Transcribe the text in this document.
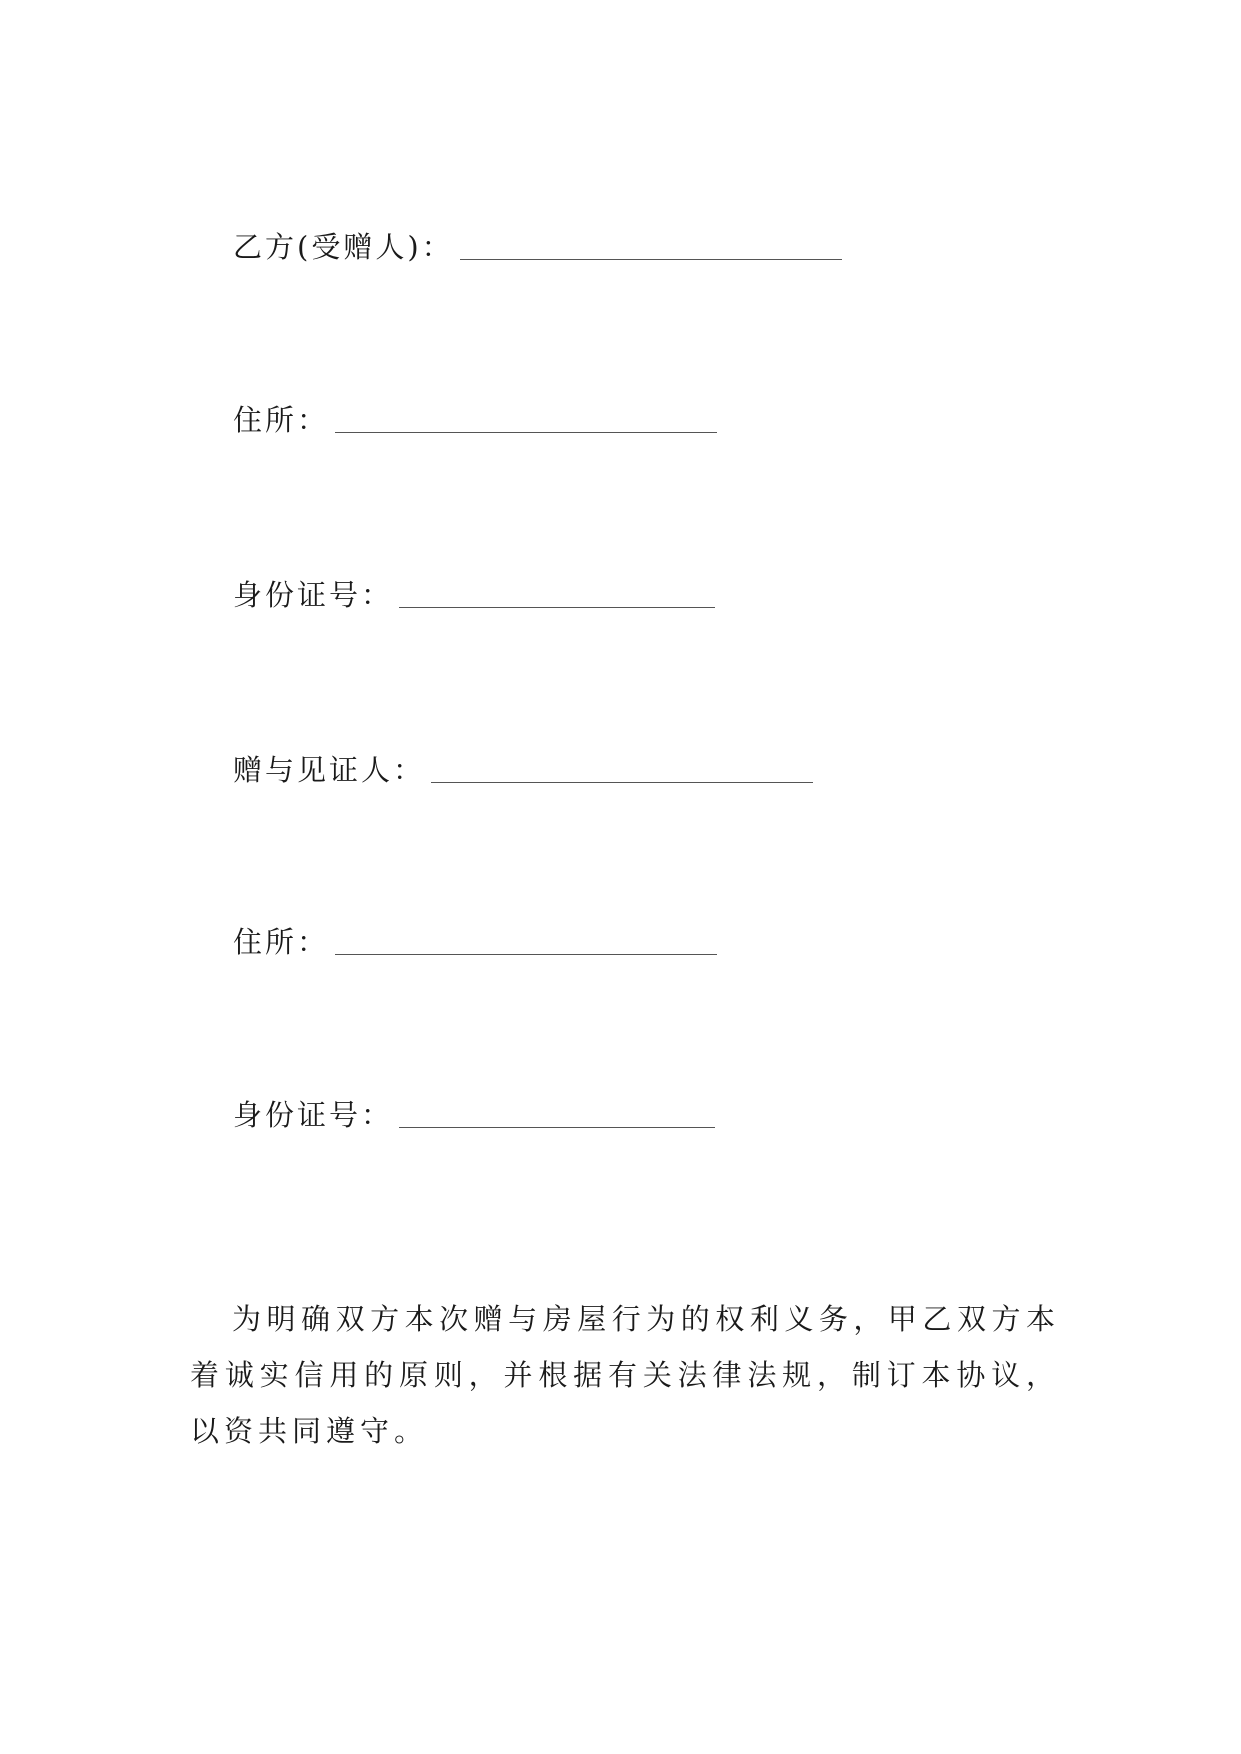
乙方(受赠人)：
住所：
身份证号：
赠与见证人：
住所：
身份证号：

为明确双方本次赠与房屋行为的权利义务，甲乙双方本着诚实信用的原则，并根据有关法律法规，制订本协议，以资共同遵守。
